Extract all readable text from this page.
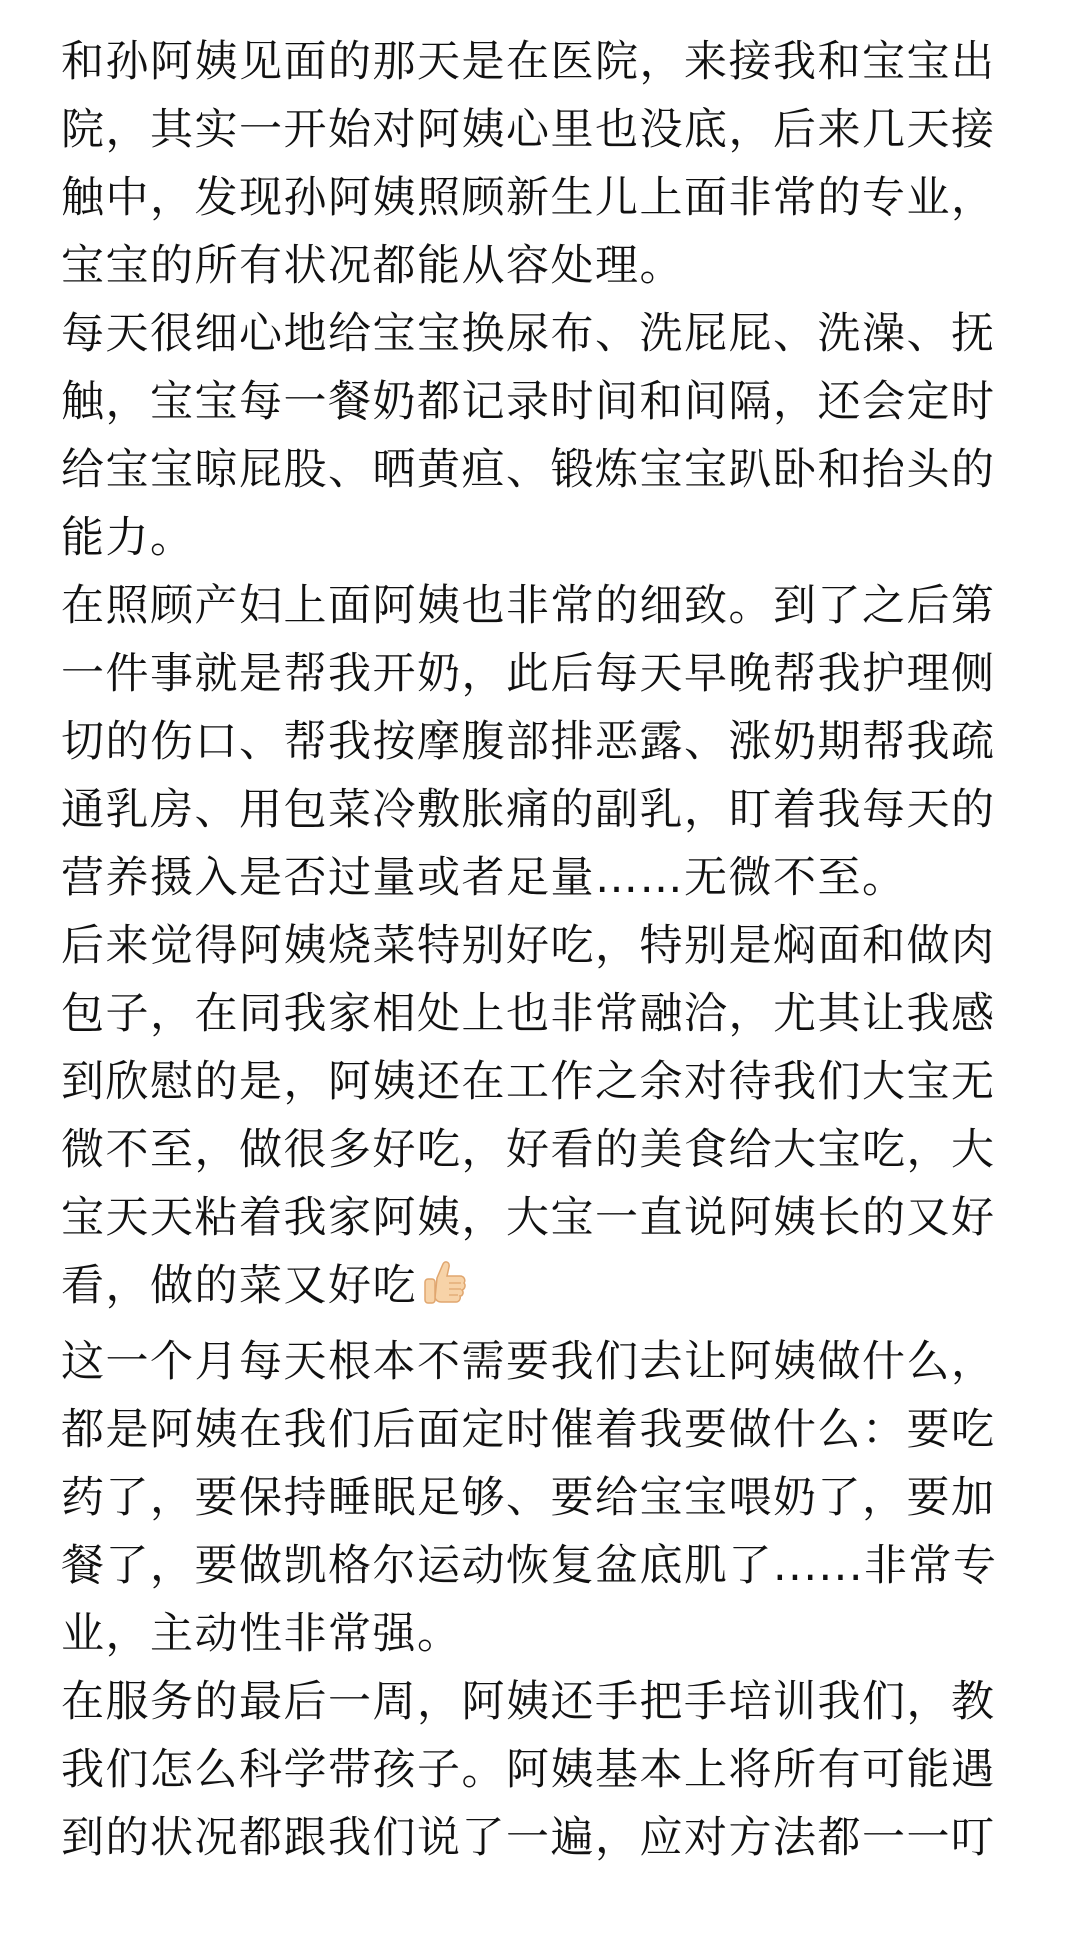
和孙阿姨见面的那天是在医院，来接我和宝宝出
院，其实一开始对阿姨心里也没底，后来几天接
触中，发现孙阿姨照顾新生儿上面非常的专业，
宝宝的所有状况都能从容处理。

每天很细心地给宝宝换尿布、洗屁屁、洗澡、抚
触，宝宝每一餐奶都记录时间和间隔，还会定时
给宝宝晾屁股、晒黄疸、锻炼宝宝趴卧和抬头的
能力。

在照顾产妇上面阿姨也非常的细致。到了之后第
一件事就是帮我开奶，此后每天早晚帮我护理侧
切的伤口、帮我按摩腹部排恶露、涨奶期帮我疏
通乳房、用包菜冷敷胀痛的副乳，盯着我每天的
营养摄入是否过量或者足量……无微不至。

后来觉得阿姨烧菜特别好吃，特别是焖面和做肉
包子，在同我家相处上也非常融洽，尤其让我感
到欣慰的是，阿姨还在工作之余对待我们大宝无
微不至，做很多好吃，好看的美食给大宝吃，大
宝天天粘着我家阿姨，大宝一直说阿姨长的又好
看，做的菜又好吃

这一个月每天根本不需要我们去让阿姨做什么，
都是阿姨在我们后面定时催着我要做什么：要吃
药了，要保持睡眠足够、要给宝宝喂奶了，要加
餐了，要做凯格尔运动恢复盆底肌了......非常专
业，主动性非常强。

在服务的最后一周，阿姨还手把手培训我们，教
我们怎么科学带孩子。阿姨基本上将所有可能遇
到的状况都跟我们说了一遍，应对方法都一一叮
